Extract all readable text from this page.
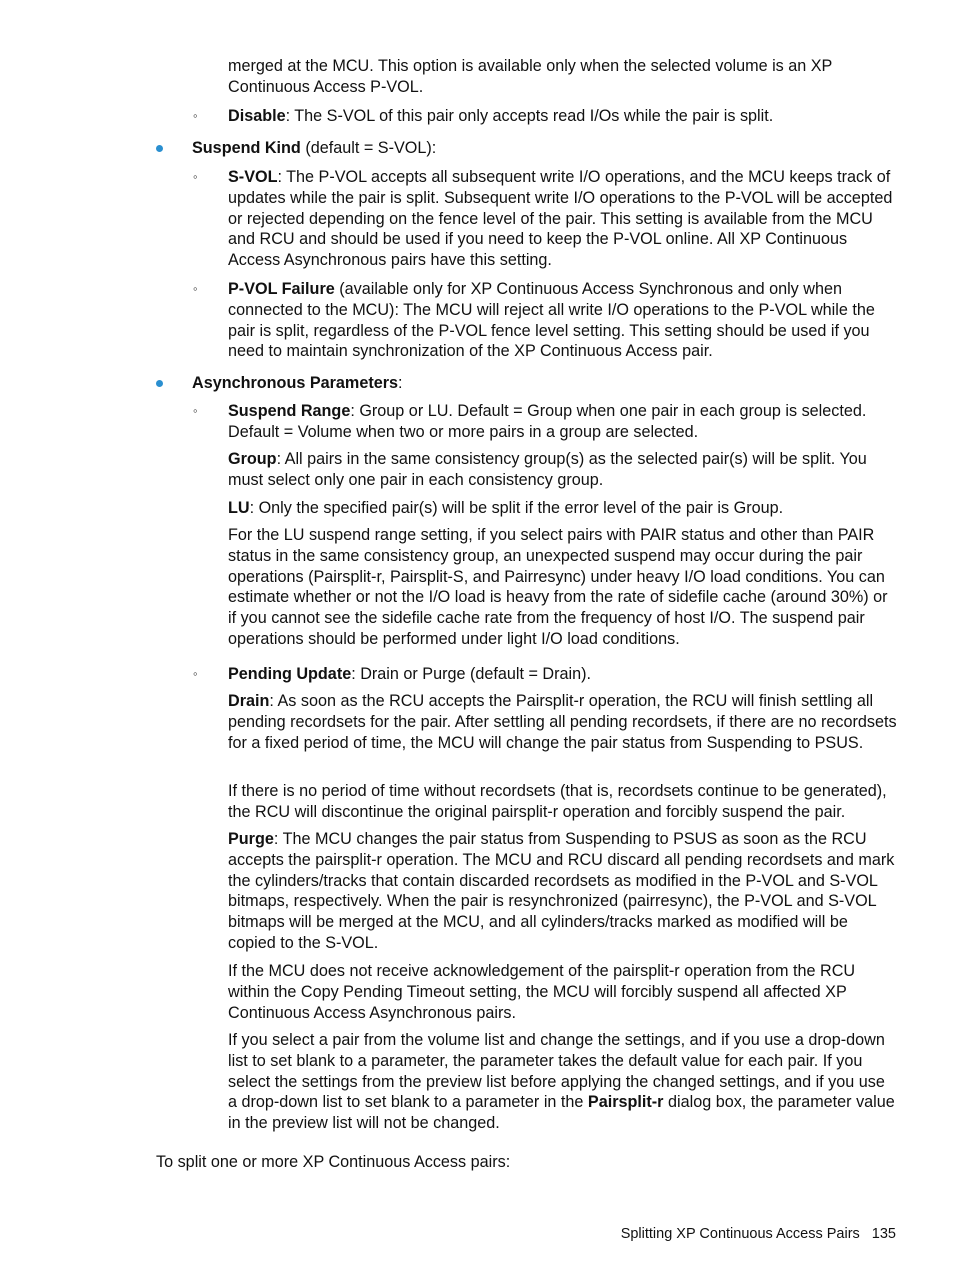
merged at the MCU. This option is available only when the selected volume is an XP Continuous Access P-VOL.

◦ Disable: The S-VOL of this pair only accepts read I/Os while the pair is split.

Suspend Kind (default = S-VOL):

◦ S-VOL: The P-VOL accepts all subsequent write I/O operations, and the MCU keeps track of updates while the pair is split. Subsequent write I/O operations to the P-VOL will be accepted or rejected depending on the fence level of the pair. This setting is available from the MCU and RCU and should be used if you need to keep the P-VOL online. All XP Continuous Access Asynchronous pairs have this setting.

◦ P-VOL Failure (available only for XP Continuous Access Synchronous and only when connected to the MCU): The MCU will reject all write I/O operations to the P-VOL while the pair is split, regardless of the P-VOL fence level setting. This setting should be used if you need to maintain synchronization of the XP Continuous Access pair.

Asynchronous Parameters:

◦ Suspend Range: Group or LU. Default = Group when one pair in each group is selected. Default = Volume when two or more pairs in a group are selected.

Group: All pairs in the same consistency group(s) as the selected pair(s) will be split. You must select only one pair in each consistency group.

LU: Only the specified pair(s) will be split if the error level of the pair is Group.

For the LU suspend range setting, if you select pairs with PAIR status and other than PAIR status in the same consistency group, an unexpected suspend may occur during the pair operations (Pairsplit-r, Pairsplit-S, and Pairresync) under heavy I/O load conditions. You can estimate whether or not the I/O load is heavy from the rate of sidefile cache (around 30%) or if you cannot see the sidefile cache rate from the frequency of host I/O. The suspend pair operations should be performed under light I/O load conditions.

◦ Pending Update: Drain or Purge (default = Drain).

Drain: As soon as the RCU accepts the Pairsplit-r operation, the RCU will finish settling all pending recordsets for the pair. After settling all pending recordsets, if there are no recordsets for a fixed period of time, the MCU will change the pair status from Suspending to PSUS.

If there is no period of time without recordsets (that is, recordsets continue to be generated), the RCU will discontinue the original pairsplit-r operation and forcibly suspend the pair.

Purge: The MCU changes the pair status from Suspending to PSUS as soon as the RCU accepts the pairsplit-r operation. The MCU and RCU discard all pending recordsets and mark the cylinders/tracks that contain discarded recordsets as modified in the P-VOL and S-VOL bitmaps, respectively. When the pair is resynchronized (pairresync), the P-VOL and S-VOL bitmaps will be merged at the MCU, and all cylinders/tracks marked as modified will be copied to the S-VOL.

If the MCU does not receive acknowledgement of the pairsplit-r operation from the RCU within the Copy Pending Timeout setting, the MCU will forcibly suspend all affected XP Continuous Access Asynchronous pairs.

If you select a pair from the volume list and change the settings, and if you use a drop-down list to set blank to a parameter, the parameter takes the default value for each pair. If you select the settings from the preview list before applying the changed settings, and if you use a drop-down list to set blank to a parameter in the Pairsplit-r dialog box, the parameter value in the preview list will not be changed.

To split one or more XP Continuous Access pairs:

Splitting XP Continuous Access Pairs 135
